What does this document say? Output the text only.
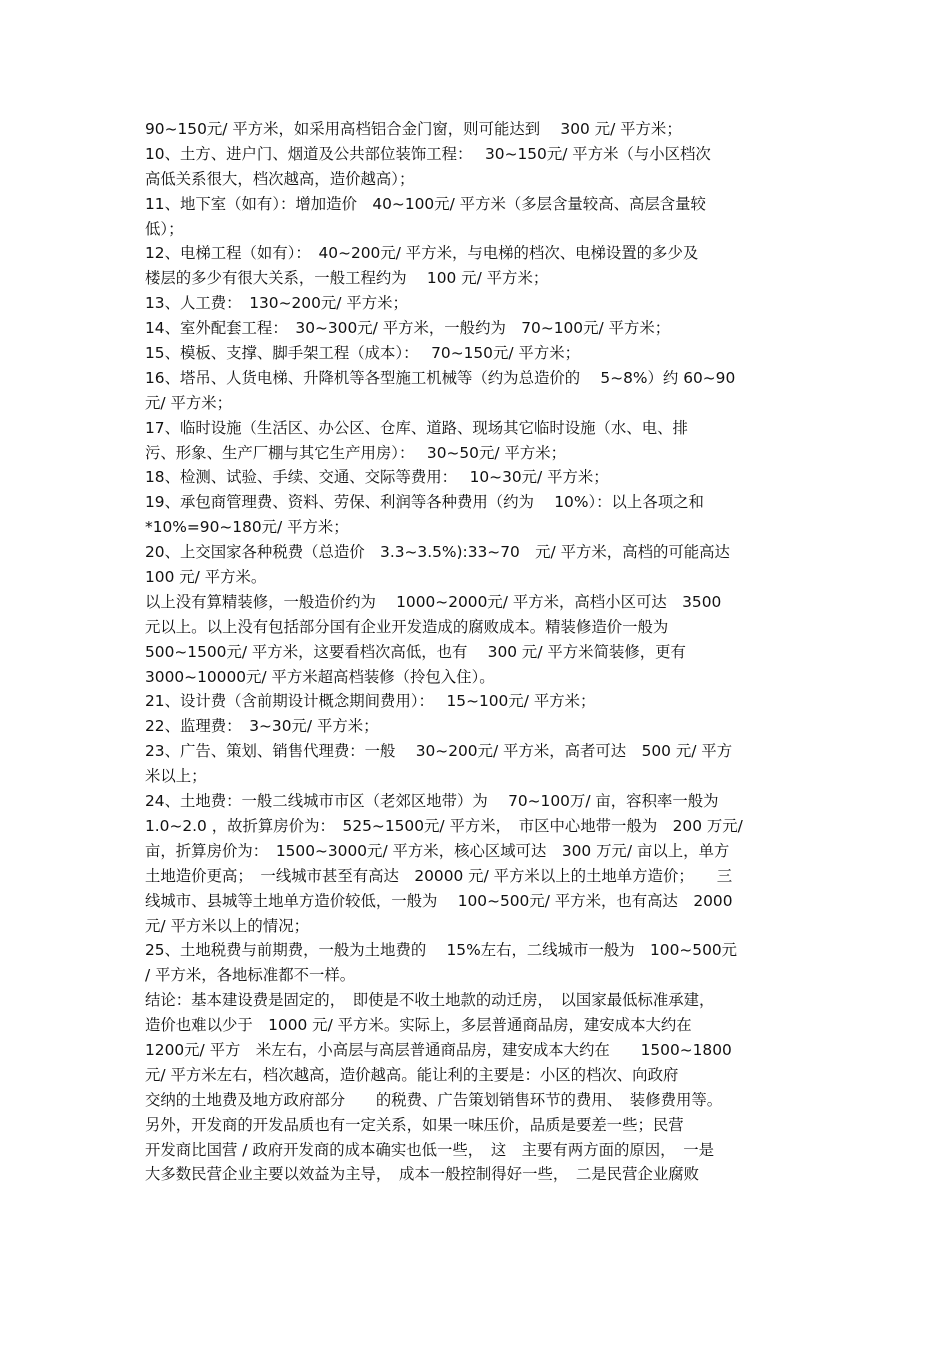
90~150元/ 平方米，如采用高档铝合金门窗，则可能达到　 300 元/ 平方米；
10、土方、进户门、烟道及公共部位装饰工程：　 30~150元/ 平方米（与小区档次
高低关系很大，档次越高，造价越高）；
11、地下室（如有）：增加造价　40~100元/ 平方米（多层含量较高、高层含量较
低）；
12、电梯工程（如有）：　40~200元/ 平方米，与电梯的档次、电梯设置的多少及
楼层的多少有很大关系，一般工程约为　 100 元/ 平方米；
13、人工费：　130~200元/ 平方米；
14、室外配套工程：　30~300元/ 平方米，一般约为　70~100元/ 平方米；
15、模板、支撑、脚手架工程（成本）：　 70~150元/ 平方米；
16、塔吊、人货电梯、升降机等各型施工机械等（约为总造价的　 5~8%）约 60~90
元/ 平方米；
17、临时设施（生活区、办公区、仓库、道路、现场其它临时设施（水、电、排
污、形象、生产厂棚与其它生产用房）：　 30~50元/ 平方米；
18、检测、试验、手续、交通、交际等费用：　 10~30元/ 平方米；
19、承包商管理费、资料、劳保、利润等各种费用（约为　 10%）：以上各项之和
*10%=90~180元/ 平方米；
20、上交国家各种税费（总造价　3.3~3.5%):33~70　元/ 平方米，高档的可能高达
100 元/ 平方米。
以上没有算精装修，一般造价约为　 1000~2000元/ 平方米，高档小区可达　3500
元以上。以上没有包括部分国有企业开发造成的腐败成本。精装修造价一般为
500~1500元/ 平方米，这要看档次高低，也有　 300 元/ 平方米简装修，更有
3000~10000元/ 平方米超高档装修（拎包入住）。
21、设计费（含前期设计概念期间费用）：　 15~100元/ 平方米；
22、监理费：　3~30元/ 平方米；
23、广告、策划、销售代理费：一般　 30~200元/ 平方米，高者可达　500 元/ 平方
米以上；
24、土地费：一般二线城市市区（老郊区地带）为　 70~100万/ 亩，容积率一般为
1.0~2.0 ，故折算房价为：　525~1500元/ 平方米，　市区中心地带一般为　200 万元/
亩，折算房价为：　1500~3000元/ 平方米，核心区域可达　300 万元/ 亩以上，单方
土地造价更高；　一线城市甚至有高达　20000 元/ 平方米以上的土地单方造价；　　三
线城市、县城等土地单方造价较低，一般为　 100~500元/ 平方米，也有高达　2000
元/ 平方米以上的情况；
25、土地税费与前期费，一般为土地费的　 15%左右，二线城市一般为　100~500元
/ 平方米，各地标准都不一样。
结论：基本建设费是固定的，　即使是不收土地款的动迁房，　以国家最低标准承建，
造价也难以少于　1000 元/ 平方米。实际上，多层普通商品房，建安成本大约在
1200元/ 平方　米左右，小高层与高层普通商品房，建安成本大约在　　1500~1800
元/ 平方米左右，档次越高，造价越高。能让利的主要是：小区的档次、向政府
交纳的土地费及地方政府部分　　的税费、广告策划销售环节的费用、　装修费用等。
另外，开发商的开发品质也有一定关系，如果一味压价，品质是要差一些；民营
开发商比国营 / 政府开发商的成本确实也低一些，　这　主要有两方面的原因，　一是
大多数民营企业主要以效益为主导，　成本一般控制得好一些，　二是民营企业腐败
